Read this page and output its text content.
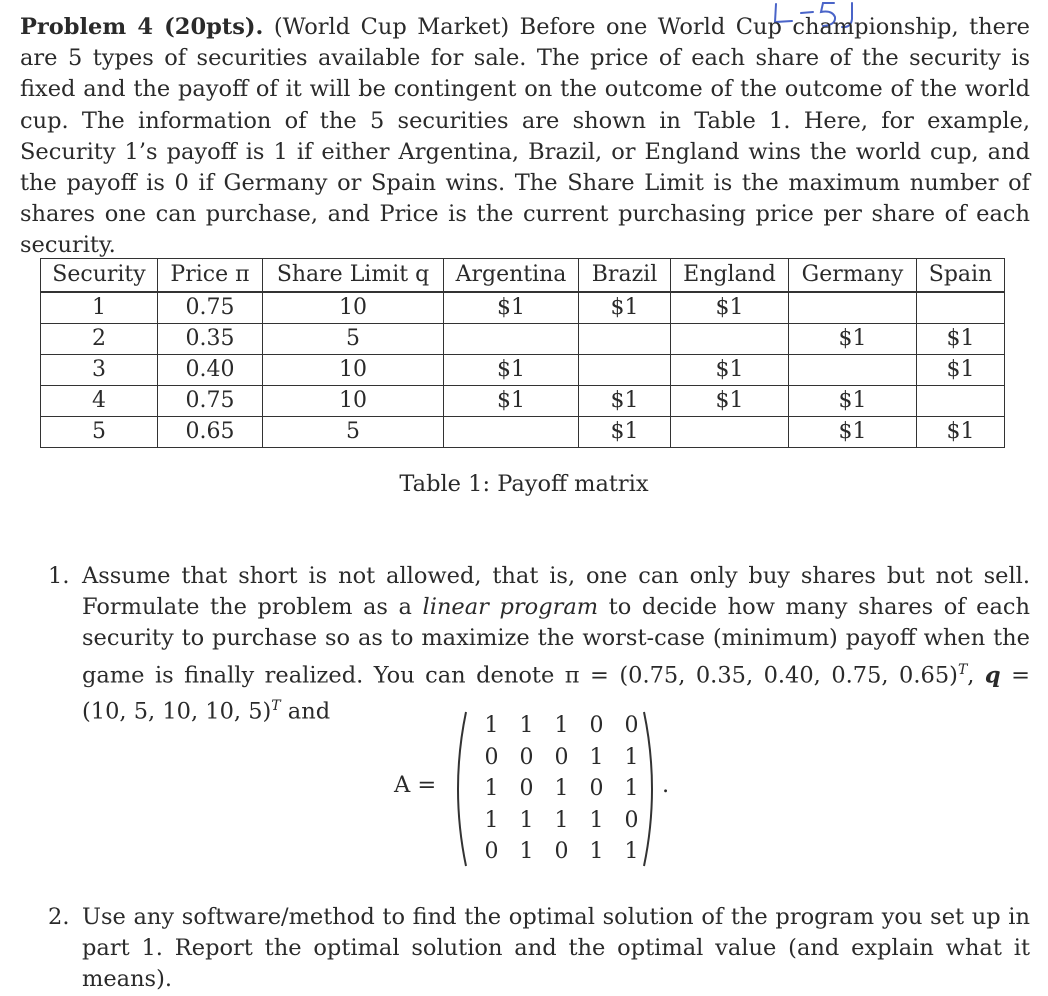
Problem 4 (20pts). (World Cup Market) Before one World Cup championship, there are 5 types of securities available for sale. The price of each share of the security is fixed and the payoff of it will be contingent on the outcome of the outcome of the world cup. The information of the 5 securities are shown in Table 1. Here, for example, Security 1’s payoff is 1 if either Argentina, Brazil, or England wins the world cup, and the payoff is 0 if Germany or Spain wins. The Share Limit is the maximum number of shares one can purchase, and Price is the current purchasing price per share of each security.
Security	Price π	Share Limit q	Argentina	Brazil	England	Germany	Spain
1	0.75	10	$1	$1	$1		
2	0.35	5				$1	$1
3	0.40	10	$1		$1		$1
4	0.75	10	$1	$1	$1	$1	
5	0.65	5		$1		$1	$1
Table 1: Payoff matrix
1. Assume that short is not allowed, that is, one can only buy shares but not sell. Formulate the problem as a linear program to decide how many shares of each security to purchase so as to maximize the worst-case (minimum) payoff when the game is finally realized. You can denote π = (0.75, 0.35, 0.40, 0.75, 0.65)$^T$, q = (10, 5, 10, 10, 5)$^T$ and
A =
1 1 1 0 0
0 0 0 1 1
1 0 1 0 1
1 1 1 1 0
0 1 0 1 1
.
2. Use any software/method to find the optimal solution of the program you set up in part 1. Report the optimal solution and the optimal value (and explain what it means).
